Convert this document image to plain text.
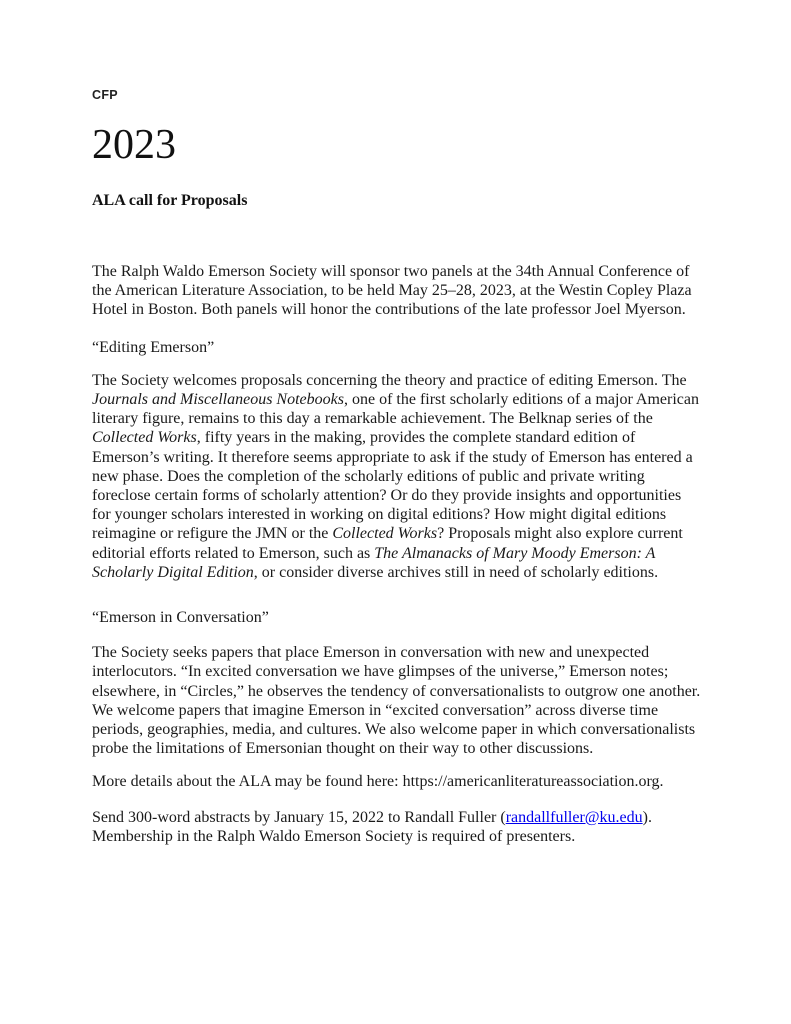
CFP

2023
ALA call for Proposals

The Ralph Waldo Emerson Society will sponsor two panels at the 34th Annual Conference of the American Literature Association, to be held May 25–28, 2023, at the Westin Copley Plaza Hotel in Boston. Both panels will honor the contributions of the late professor Joel Myerson.

“Editing Emerson”

The Society welcomes proposals concerning the theory and practice of editing Emerson. The Journals and Miscellaneous Notebooks, one of the first scholarly editions of a major American literary figure, remains to this day a remarkable achievement. The Belknap series of the Collected Works, fifty years in the making, provides the complete standard edition of Emerson’s writing. It therefore seems appropriate to ask if the study of Emerson has entered a new phase. Does the completion of the scholarly editions of public and private writing foreclose certain forms of scholarly attention? Or do they provide insights and opportunities for younger scholars interested in working on digital editions? How might digital editions reimagine or refigure the JMN or the Collected Works? Proposals might also explore current editorial efforts related to Emerson, such as The Almanacks of Mary Moody Emerson: A Scholarly Digital Edition, or consider diverse archives still in need of scholarly editions.

“Emerson in Conversation”

The Society seeks papers that place Emerson in conversation with new and unexpected interlocutors. “In excited conversation we have glimpses of the universe,” Emerson notes; elsewhere, in “Circles,” he observes the tendency of conversationalists to outgrow one another. We welcome papers that imagine Emerson in “excited conversation” across diverse time periods, geographies, media, and cultures. We also welcome paper in which conversationalists probe the limitations of Emersonian thought on their way to other discussions.

More details about the ALA may be found here: https://americanliteratureassociation.org.

Send 300-word abstracts by January 15, 2022 to Randall Fuller (randallfuller@ku.edu). Membership in the Ralph Waldo Emerson Society is required of presenters.
